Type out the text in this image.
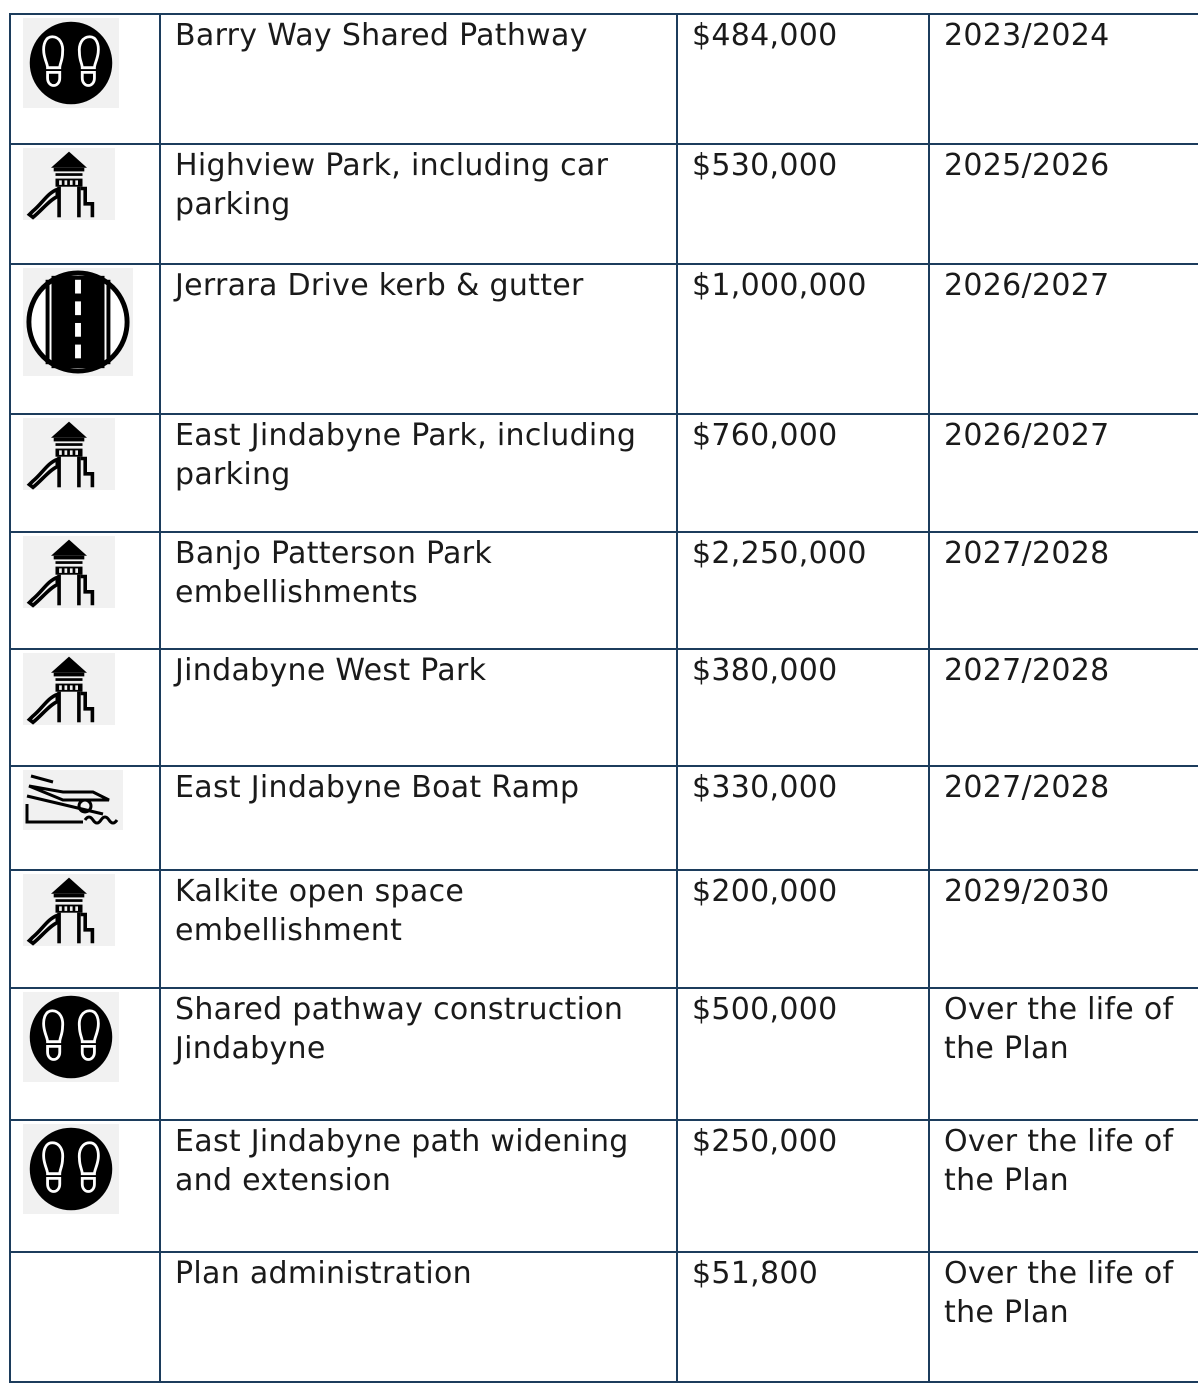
	Barry Way Shared Pathway	$484,000	2023/2024

	Highview Park, including car parking	$530,000	2025/2026

	Jerrara Drive kerb & gutter	$1,000,000	2026/2027

	East Jindabyne Park, including parking	$760,000	2026/2027

	Banjo Patterson Park embellishments	$2,250,000	2027/2028

	Jindabyne West Park	$380,000	2027/2028

	East Jindabyne Boat Ramp	$330,000	2027/2028

	Kalkite open space embellishment	$200,000	2029/2030

	Shared pathway construction Jindabyne	$500,000	Over the life of the Plan

	East Jindabyne path widening and extension	$250,000	Over the life of the Plan
	Plan administration	$51,800	Over the life of the Plan
